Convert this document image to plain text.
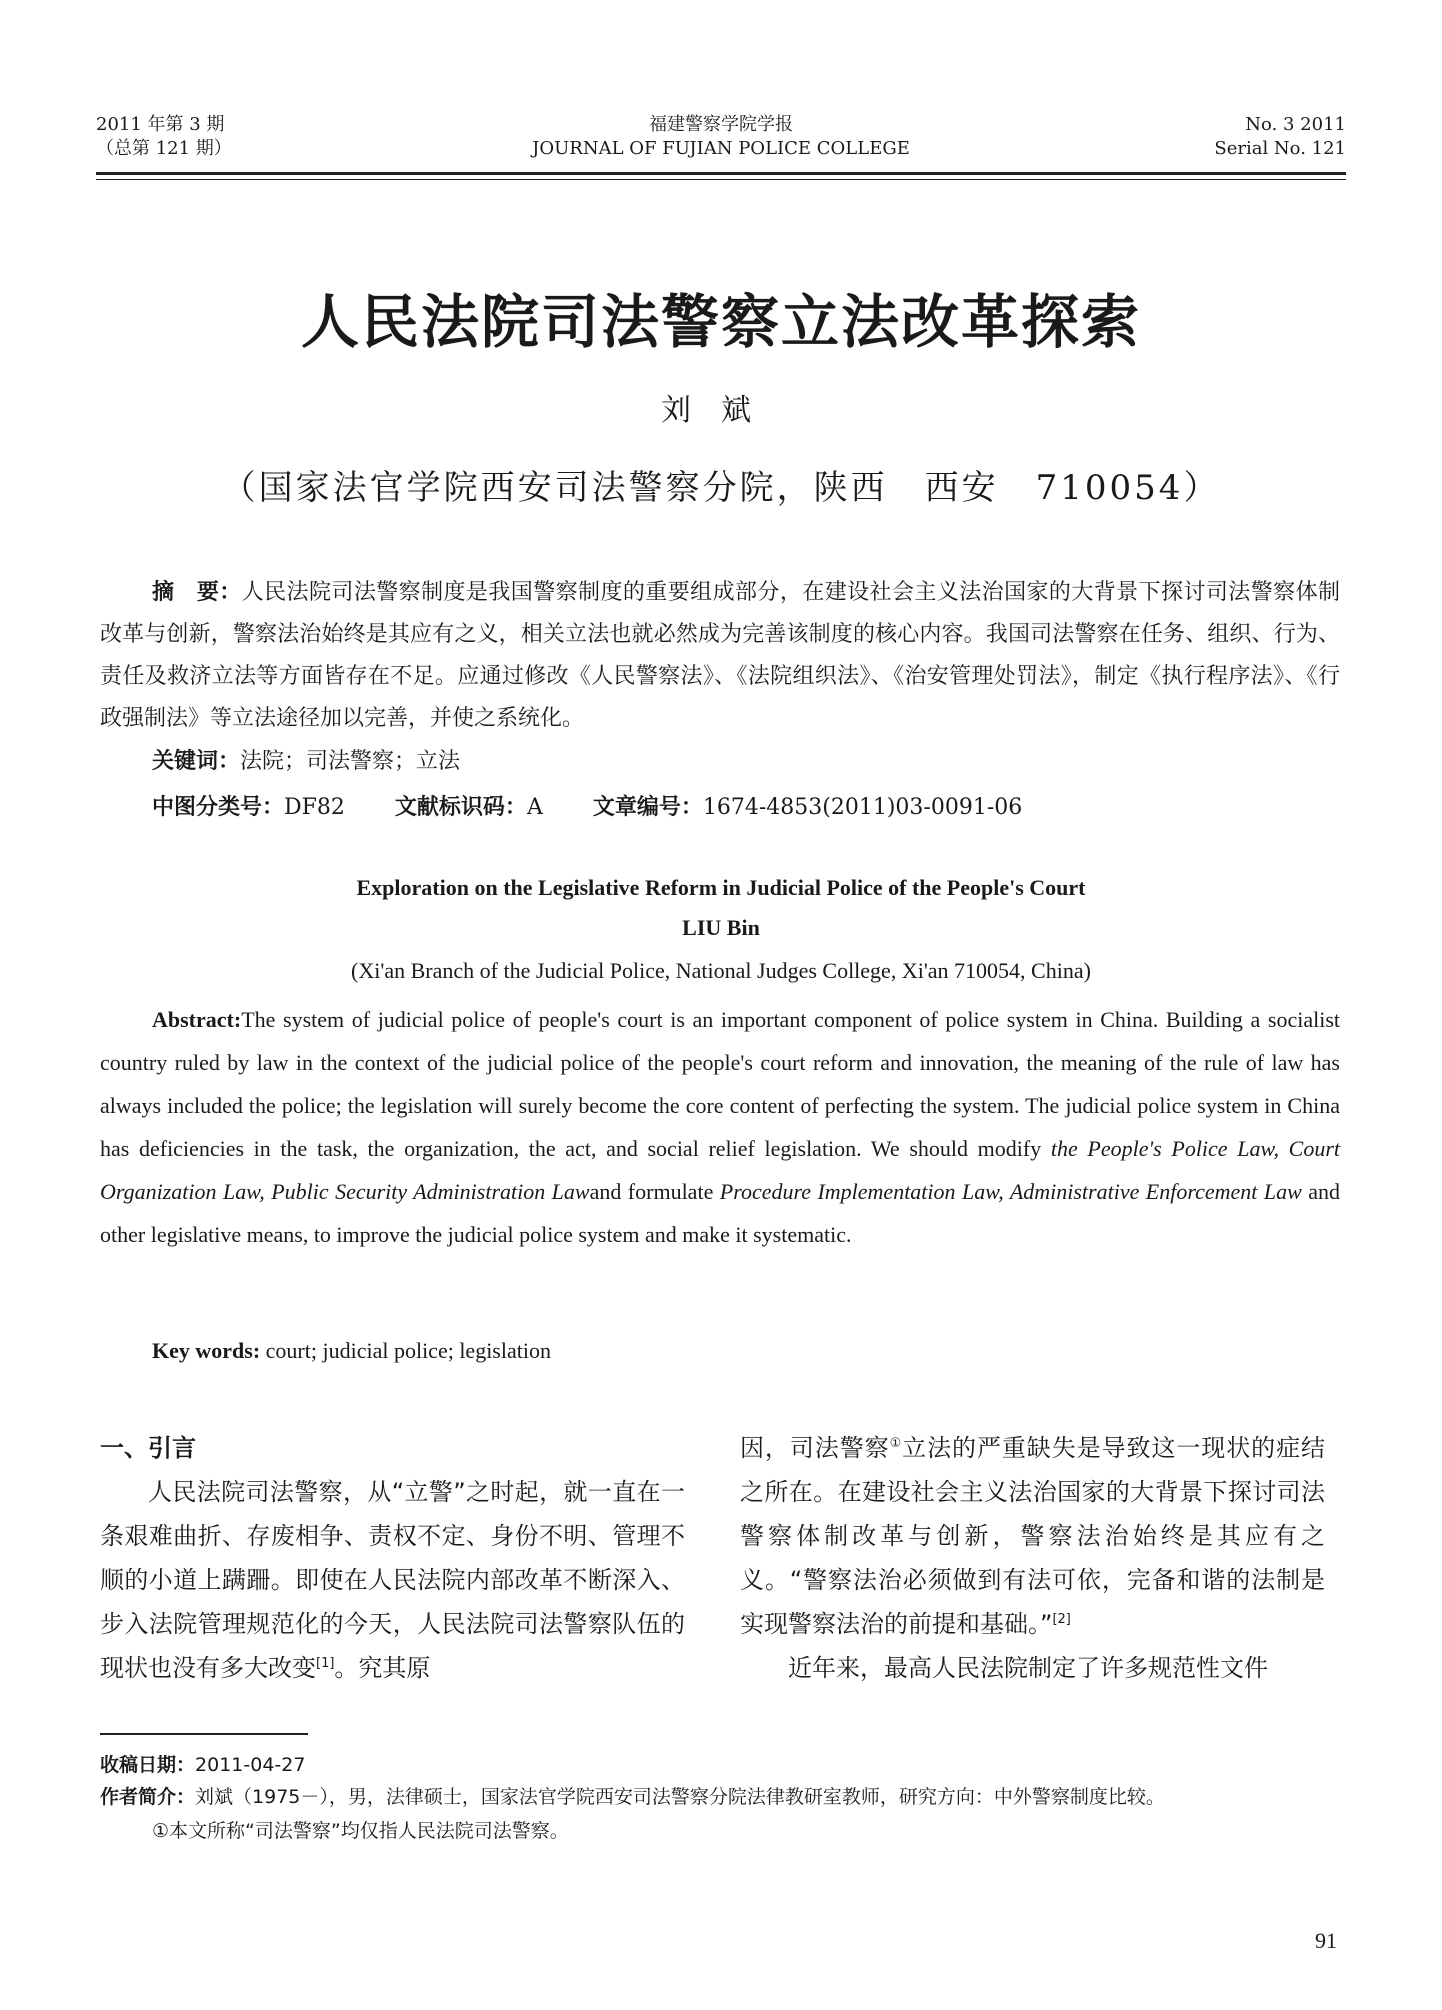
2011 年第 3 期
（总第 121 期）
福建警察学院学报
JOURNAL OF FUJIAN POLICE COLLEGE
No. 3 2011
Serial No. 121
人民法院司法警察立法改革探索
刘斌
（国家法官学院西安司法警察分院，陕西　西安　710054）
摘　要：人民法院司法警察制度是我国警察制度的重要组成部分，在建设社会主义法治国家的大背景下探讨司法警察体制改革与创新，警察法治始终是其应有之义，相关立法也就必然成为完善该制度的核心内容。我国司法警察在任务、组织、行为、责任及救济立法等方面皆存在不足。应通过修改《人民警察法》、《法院组织法》、《治安管理处罚法》，制定《执行程序法》、《行政强制法》等立法途径加以完善，并使之系统化。
关键词：法院；司法警察；立法
中图分类号：DF82 文献标识码：A 文章编号：1674-4853(2011)03-0091-06
Exploration on the Legislative Reform in Judicial Police of the People's Court
LIU Bin
(Xi'an Branch of the Judicial Police, National Judges College, Xi'an 710054, China)
Abstract:The system of judicial police of people's court is an important component of police system in China. Building a socialist country ruled by law in the context of the judicial police of the people's court reform and innovation, the meaning of the rule of law has always included the police; the legislation will surely become the core content of perfecting the system. The judicial police system in China has deficiencies in the task, the organization, the act, and social relief legislation. We should modify the People's Police Law, Court Organization Law, Public Security Administration Lawand formulate Procedure Implementation Law, Administrative Enforcement Law and other legislative means, to improve the judicial police system and make it systematic.
Key words: court; judicial police; legislation

一、引言

人民法院司法警察，从“立警”之时起，就一直在一条艰难曲折、存废相争、责权不定、身份不明、管理不顺的小道上蹒跚。即使在人民法院内部改革不断深入、步入法院管理规范化的今天，人民法院司法警察队伍的现状也没有多大改变[1]。究其原

因，司法警察①立法的严重缺失是导致这一现状的症结之所在。在建设社会主义法治国家的大背景下探讨司法警察体制改革与创新，警察法治始终是其应有之义。“警察法治必须做到有法可依，完备和谐的法制是实现警察法治的前提和基础。”[2]

近年来，最高人民法院制定了许多规范性文件

收稿日期：2011-04-27
作者简介：刘斌（1975－），男，法律硕士，国家法官学院西安司法警察分院法律教研室教师，研究方向：中外警察制度比较。
①本文所称“司法警察”均仅指人民法院司法警察。
91
